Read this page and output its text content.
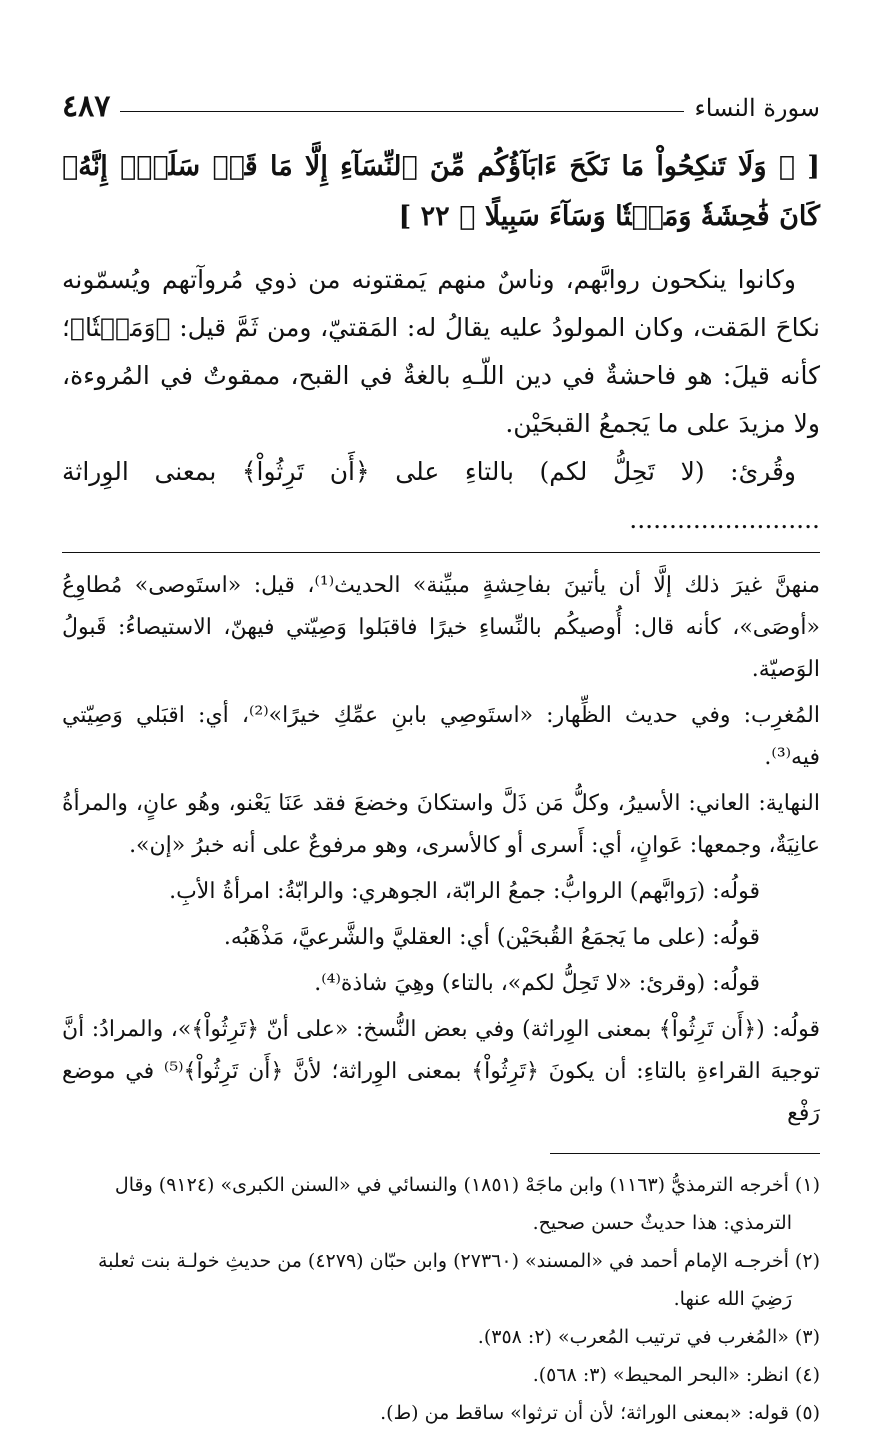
سورة النساء
٤٨٧
[ ﴿ وَلَا تَنكِحُواْ مَا نَكَحَ ءَابَآؤُكُم مِّنَ ٱلنِّسَآءِ إِلَّا مَا قَدۡ سَلَفَۚ إِنَّهُۥ كَانَ فَٰحِشَةٗ وَمَقۡتٗا وَسَآءَ سَبِيلًا ﴾ ٢٢ ]

وكانوا ينكحون روابَّهم، وناسٌ منهم يَمقتونه من ذوي مُروآتهم ويُسمّونه نكاحَ المَقت، وكان المولودُ عليه يقالُ له: المَقتيّ، ومن ثَمَّ قيل: ﴿وَمَقۡتٗا﴾؛ كأنه قيلَ: هو فاحشةٌ في دين اللّـهِ بالغةٌ في القبح، ممقوتٌ في المُروءة، ولا مزيدَ على ما يَجمعُ القبحَيْن.

وقُرئ: (لا تَحِلُّ لكم) بالتاءِ على ﴿أَن تَرِثُواْ﴾ بمعنى الوِراثة ........................

منهنَّ غيرَ ذلك إلَّا أن يأتينَ بفاحِشةٍ مبيِّنة» الحديث⁽¹⁾، قيل: «استَوصى» مُطاوِعُ «أوصَى»، كأنه قال: أُوصيكُم بالنِّساءِ خيرًا فاقبَلوا وَصِيّتي فيهنّ، الاستيصاءُ: قَبولُ الوَصيّة.

المُغرِب: وفي حديث الظِّهار: «استَوصِي بابنِ عمِّكِ خيرًا»⁽²⁾، أي: اقبَلي وَصِيّتي فيه⁽³⁾.

النهاية: العاني: الأسيرُ، وكلُّ مَن ذَلَّ واستكانَ وخضعَ فقد عَنَا يَعْنو، وهُو عانٍ، والمرأةُ عانِيَةٌ، وجمعها: عَوانٍ، أي: أَسرى أو كالأسرى، وهو مرفوعٌ على أنه خبرُ «إن».

قولُه: (رَوابَّهم) الروابُّ: جمعُ الرابّة، الجوهري: والرابّةُ: امرأةُ الأبِ.

قولُه: (على ما يَجمَعُ القُبحَيْن) أي: العقليَّ والشَّرعيَّ، مَذْهَبُه.

قولُه: (وقرئ: «لا تَحِلُّ لكم»، بالتاء) وهِيَ شاذة⁽⁴⁾.

قولُه: (﴿أَن تَرِثُواْ﴾ بمعنى الوِراثة) وفي بعض النُّسخ: «على أنّ ﴿تَرِثُواْ﴾»، والمرادُ: أنَّ توجيهَ القراءةِ بالتاءِ: أن يكونَ ﴿تَرِثُواْ﴾ بمعنى الوِراثة؛ لأنَّ ﴿أَن تَرِثُواْ﴾⁽⁵⁾ في موضع رَفْع

(١) أخرجه الترمذيُّ (١١٦٣) وابن ماجَهْ (١٨٥١) والنسائي في «السنن الكبرى» (٩١٢٤) وقال

الترمذي: هذا حديثٌ حسن صحيح.

(٢) أخرجـه الإمام أحمد في «المسند» (٢٧٣٦٠) وابن حبّان (٤٢٧٩) من حديثِ خولـة بنت ثعلبة

رَضِيَ الله عنها.

(٣) «المُغرب في ترتيب المُعرب» (٢: ٣٥٨).

(٤) انظر: «البحر المحيط» (٣: ٥٦٨).

(٥) قوله: «بمعنى الوراثة؛ لأن أن ترثوا» ساقط من (ط).
